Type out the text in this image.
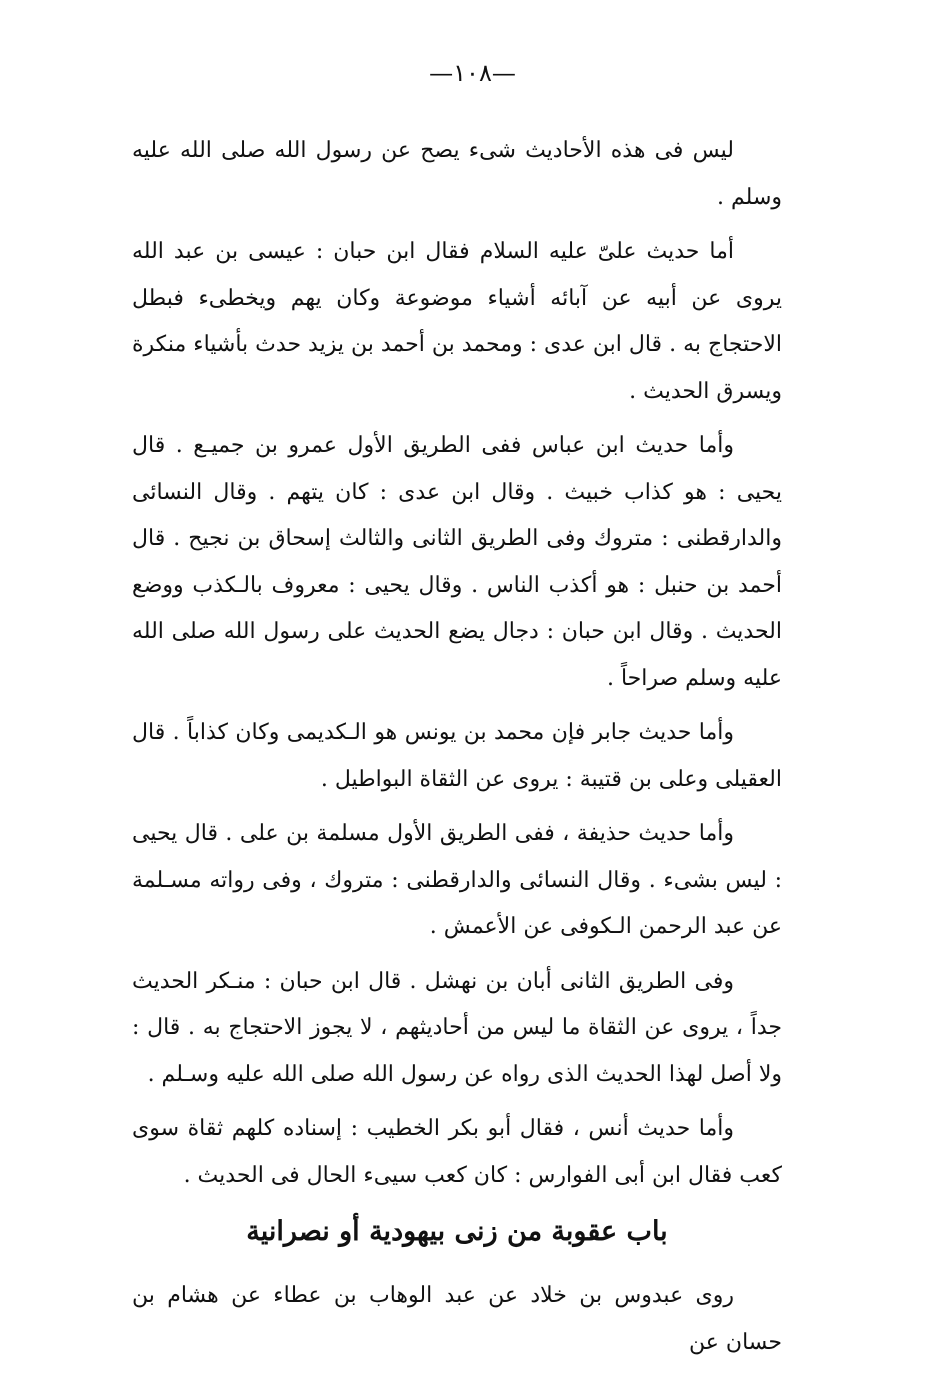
—١٠٨—

ليس فى هذه الأحاديث شىء يصح عن رسول الله صلى الله عليه وسلم .

أما حديث علىّ عليه السلام فقال ابن حبان : عيسى بن عبد الله يروى عن أبيه عن آبائه أشياء موضوعة وكان يهم ويخطىء فبطل الاحتجاج به . قال ابن عدى : ومحمد بن أحمد بن يزيد حدث بأشياء منكرة ويسرق الحديث .

وأما حديث ابن عباس ففى الطريق الأول عمرو بن جميـع . قال يحيى : هو كذاب خبيث . وقال ابن عدى : كان يتهم . وقال النسائى والدارقطنى : متروك وفى الطريق الثانى والثالث إسحاق بن نجيح . قال أحمد بن حنبل : هو أكذب الناس . وقال يحيى : معروف بالـكذب ووضع الحديث . وقال ابن حبان : دجال يضع الحديث على رسول الله صلى الله عليه وسلم صراحاً .

وأما حديث جابر فإن محمد بن يونس هو الـكديمى وكان كذاباً . قال العقيلى وعلى بن قتيبة : يروى عن الثقاة البواطيل .

وأما حديث حذيفة ، ففى الطريق الأول مسلمة بن على . قال يحيى : ليس بشىء . وقال النسائى والدارقطنى : متروك ، وفى رواته مسـلمة عن عبد الرحمن الـكوفى عن الأعمش .

وفى الطريق الثانى أبان بن نهشل . قال ابن حبان : منـكر الحديث جداً ، يروى عن الثقاة ما ليس من أحاديثهم ، لا يجوز الاحتجاج به . قال : ولا أصل لهذا الحديث الذى رواه عن رسول الله صلى الله عليه وسـلم .

وأما حديث أنس ، فقال أبو بكر الخطيب : إسناده كلهم ثقاة سوى كعب فقال ابن أبى الفوارس : كان كعب سيىء الحال فى الحديث .

باب عقوبة من زنى بيهودية أو نصرانية

روى عبدوس بن خلاد عن عبد الوهاب بن عطاء عن هشام بن حسان عن
